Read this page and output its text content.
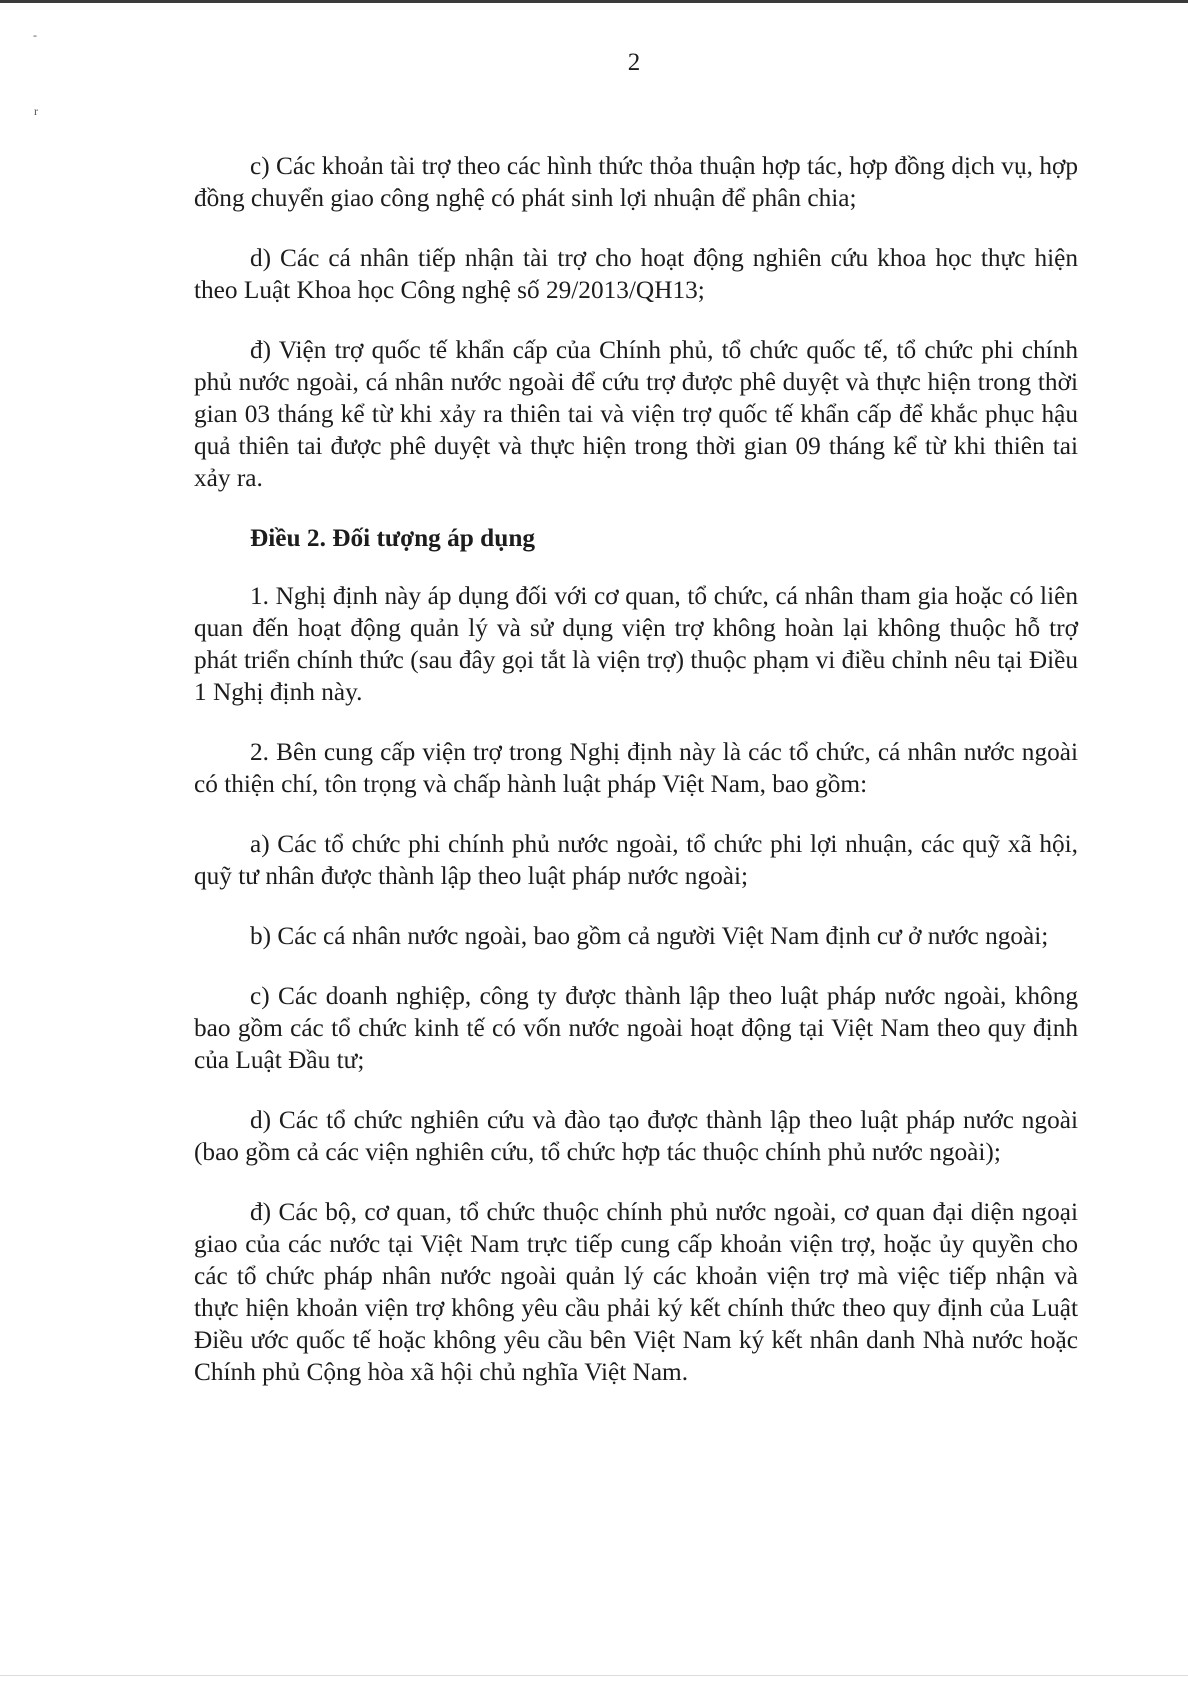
-
r
2

c) Các khoản tài trợ theo các hình thức thỏa thuận hợp tác, hợp đồng dịch vụ, hợp đồng chuyển giao công nghệ có phát sinh lợi nhuận để phân chia;

d) Các cá nhân tiếp nhận tài trợ cho hoạt động nghiên cứu khoa học thực hiện theo Luật Khoa học Công nghệ số 29/2013/QH13;

đ) Viện trợ quốc tế khẩn cấp của Chính phủ, tổ chức quốc tế, tổ chức phi chính phủ nước ngoài, cá nhân nước ngoài để cứu trợ được phê duyệt và thực hiện trong thời gian 03 tháng kể từ khi xảy ra thiên tai và viện trợ quốc tế khẩn cấp để khắc phục hậu quả thiên tai được phê duyệt và thực hiện trong thời gian 09 tháng kể từ khi thiên tai xảy ra.

Điều 2. Đối tượng áp dụng

1. Nghị định này áp dụng đối với cơ quan, tổ chức, cá nhân tham gia hoặc có liên quan đến hoạt động quản lý và sử dụng viện trợ không hoàn lại không thuộc hỗ trợ phát triển chính thức (sau đây gọi tắt là viện trợ) thuộc phạm vi điều chỉnh nêu tại Điều 1 Nghị định này.

2. Bên cung cấp viện trợ trong Nghị định này là các tổ chức, cá nhân nước ngoài có thiện chí, tôn trọng và chấp hành luật pháp Việt Nam, bao gồm:

a) Các tổ chức phi chính phủ nước ngoài, tổ chức phi lợi nhuận, các quỹ xã hội, quỹ tư nhân được thành lập theo luật pháp nước ngoài;

b) Các cá nhân nước ngoài, bao gồm cả người Việt Nam định cư ở nước ngoài;

c) Các doanh nghiệp, công ty được thành lập theo luật pháp nước ngoài, không bao gồm các tổ chức kinh tế có vốn nước ngoài hoạt động tại Việt Nam theo quy định của Luật Đầu tư;

d) Các tổ chức nghiên cứu và đào tạo được thành lập theo luật pháp nước ngoài (bao gồm cả các viện nghiên cứu, tổ chức hợp tác thuộc chính phủ nước ngoài);

đ) Các bộ, cơ quan, tổ chức thuộc chính phủ nước ngoài, cơ quan đại diện ngoại giao của các nước tại Việt Nam trực tiếp cung cấp khoản viện trợ, hoặc ủy quyền cho các tổ chức pháp nhân nước ngoài quản lý các khoản viện trợ mà việc tiếp nhận và thực hiện khoản viện trợ không yêu cầu phải ký kết chính thức theo quy định của Luật Điều ước quốc tế hoặc không yêu cầu bên Việt Nam ký kết nhân danh Nhà nước hoặc Chính phủ Cộng hòa xã hội chủ nghĩa Việt Nam.
